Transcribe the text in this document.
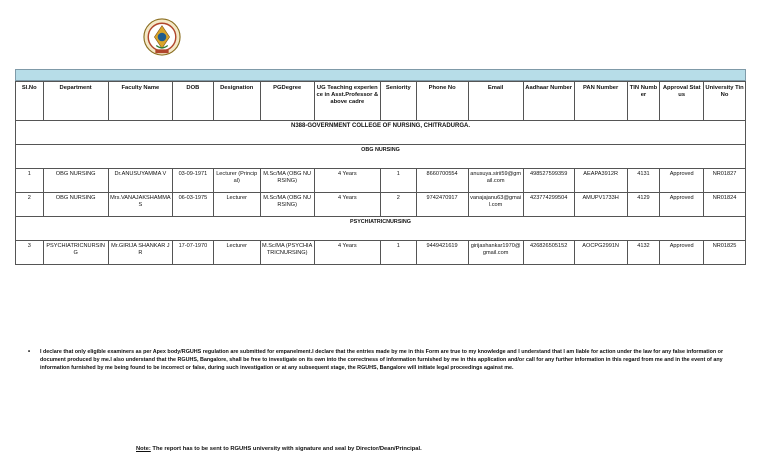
Sl.No	Department	Faculty Name	DOB	Designation	PGDegree	UG Teaching experience in Asst.Professor & above cadre	Seniority	Phone No	Email	Aadhaar Number	PAN Number	TIN Number	Approval Status	University Tin No
N388-GOVERNMENT COLLEGE OF NURSING, CHITRADURGA.														
OBG NURSING														
1	OBG NURSING	Dr.ANUSUYAMMA V	03-09-1971	Lecturer (Principal)	M.Sc/MA (OBG NURSING)	4 Years	1	8660700554	anusuya.sirii59@gmail.com	498527599359	AEAPA3912R	4131	Approved	NR01827
2	OBG NURSING	Mrs.VANAJAKSHAMMA S	06-03-1975	Lecturer	M.Sc/MA (OBG NURSING)	4 Years	2	9742470917	vanajajanu63@gmail.com	423774299504	AMUPV1733H	4129	Approved	NR01824
PSYCHIATRICNURSING														
3	PSYCHIATRICNURSING	Mr.GIRIJA SHANKAR J R	17-07-1970	Lecturer	M.Sc/MA (PSYCHIATRICNURSING)	4 Years	1	9449421619	girijashankar1970@gmail.com	426826505152	AOCPG2991N	4132	Approved	NR01825
• I declare that only eligible examiners as per Apex body/RGUHS regulation are submitted for empanelment.I declare that the entries made by me in this Form are true to my knowledge and I understand that I am liable for action under the law for any false information or document produced by me.I also understand that the RGUHS, Bangalore, shall be free to investigate on its own into the correctness of information furnished by me in this application and/or call for any further information in this regard from me and in the event of any information furnished by me being found to be incorrect or false, during such investigation or at any subsequent stage, the RGUHS, Bangalore will initiate legal proceedings against me.
Note: The report has to be sent to RGUHS university with signature and seal by Director/Dean/Principal.
